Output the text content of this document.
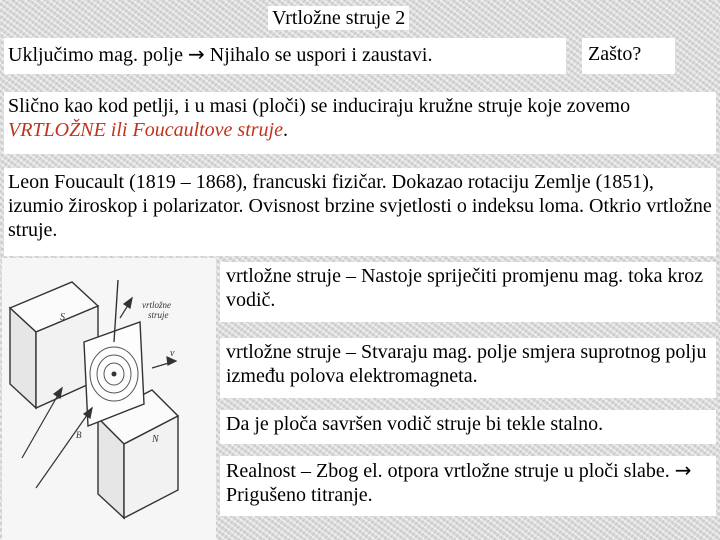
Vrtložne struje 2
Uključimo mag. polje → Njihalo se uspori i zaustavi.	Zašto?
Slično kao kod petlji, i u masi (ploči) se induciraju kružne struje koje zovemo VRTLOŽNE ili Foucaultove struje.
Leon Foucault (1819 – 1868), francuski fizičar. Dokazao rotaciju Zemlje (1851), izumio žiroskop i polarizator. Ovisnost brzine svjetlosti o indeksu loma. Otkrio vrtložne struje.
vrtložne struje – Nastoje spriječiti promjenu mag. toka kroz vodič.
vrtložne struje – Stvaraju mag. polje smjera suprotnog polju između polova elektromagneta.
Da je ploča savršen vodič struje bi tekle stalno.
Realnost – Zbog el. otpora vrtložne struje u ploči slabe. → Prigušeno titranje.
S
N
B
v
vrtložne
struje
